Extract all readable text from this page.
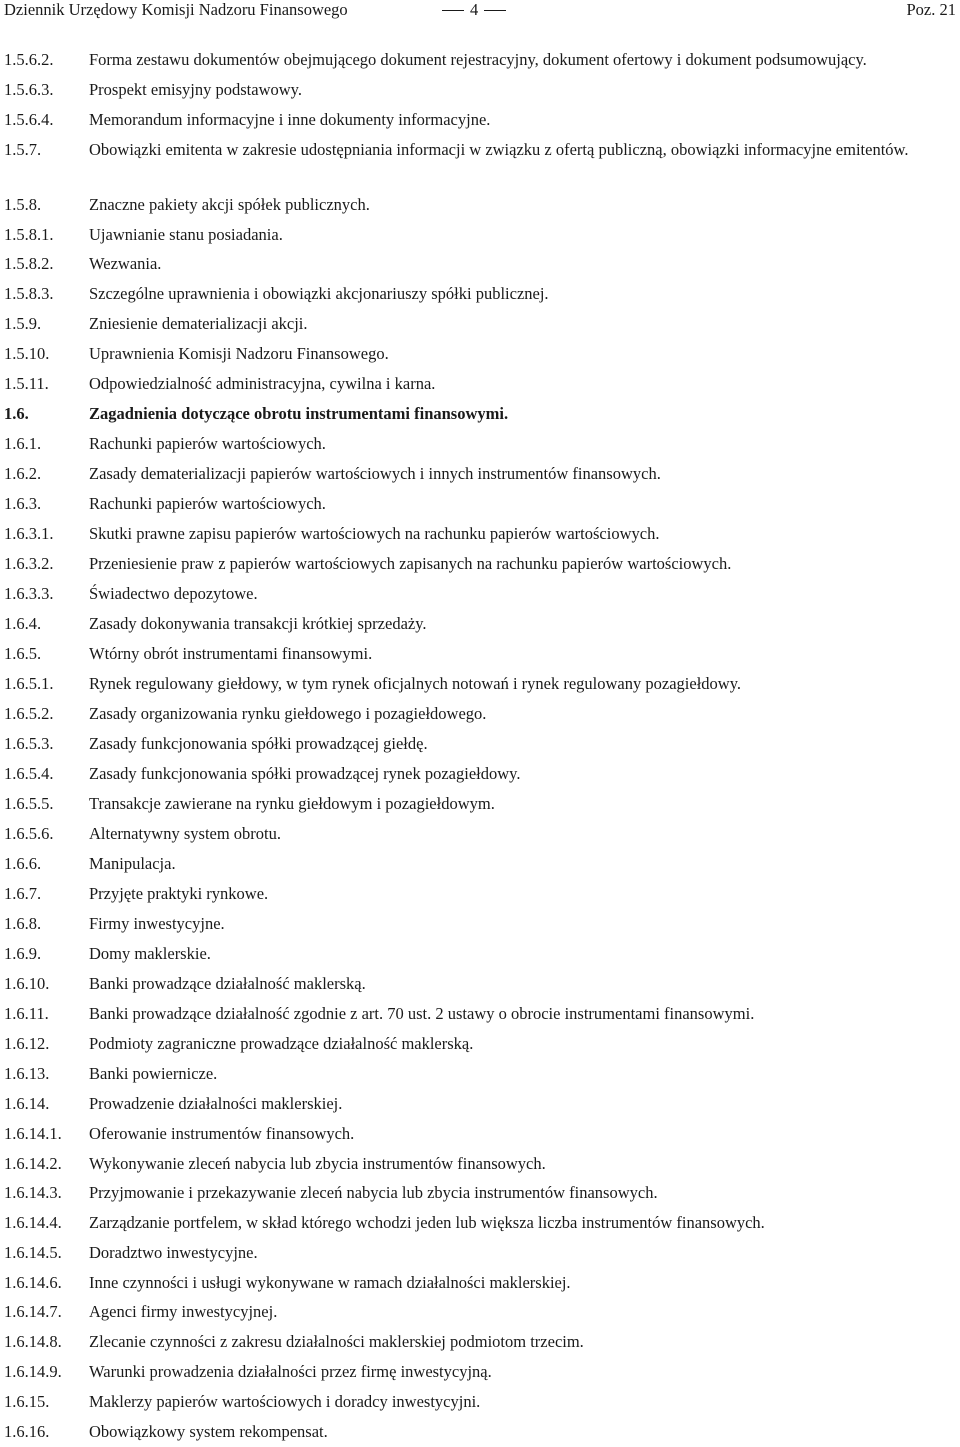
Dziennik Urzędowy Komisji Nadzoru Finansowego	4	Poz. 21
1.5.6.2. Forma zestawu dokumentów obejmującego dokument rejestracyjny, dokument ofertowy i dokument podsumowujący.
1.5.6.3. Prospekt emisyjny podstawowy.
1.5.6.4. Memorandum informacyjne i inne dokumenty informacyjne.
1.5.7.	Obowiązki emitenta w zakresie udostępniania informacji w związku z ofertą publiczną, obowiązki informacyjne emitentów.
1.5.8.	Znaczne pakiety akcji spółek publicznych.
1.5.8.1. Ujawnianie stanu posiadania.
1.5.8.2. Wezwania.
1.5.8.3. Szczególne uprawnienia i obowiązki akcjonariuszy spółki publicznej.
1.5.9.	Zniesienie dematerializacji akcji.
1.5.10. Uprawnienia Komisji Nadzoru Finansowego.
1.5.11. Odpowiedzialność administracyjna, cywilna i karna.
1.6.	Zagadnienia dotyczące obrotu instrumentami finansowymi.
1.6.1.	Rachunki papierów wartościowych.
1.6.2.	Zasady dematerializacji papierów wartościowych i innych instrumentów finansowych.
1.6.3.	Rachunki papierów wartościowych.
1.6.3.1. Skutki prawne zapisu papierów wartościowych na rachunku papierów wartościowych.
1.6.3.2. Przeniesienie praw z papierów wartościowych zapisanych na rachunku papierów wartościowych.
1.6.3.3. Świadectwo depozytowe.
1.6.4.	Zasady dokonywania transakcji krótkiej sprzedaży.
1.6.5.	Wtórny obrót instrumentami finansowymi.
1.6.5.1. Rynek regulowany giełdowy, w tym rynek oficjalnych notowań i rynek regulowany pozagiełdowy.
1.6.5.2. Zasady organizowania rynku giełdowego i pozagiełdowego.
1.6.5.3. Zasady funkcjonowania spółki prowadzącej giełdę.
1.6.5.4. Zasady funkcjonowania spółki prowadzącej rynek pozagiełdowy.
1.6.5.5. Transakcje zawierane na rynku giełdowym i pozagiełdowym.
1.6.5.6. Alternatywny system obrotu.
1.6.6.	Manipulacja.
1.6.7.	Przyjęte praktyki rynkowe.
1.6.8.	Firmy inwestycyjne.
1.6.9.	Domy maklerskie.
1.6.10. Banki prowadzące działalność maklerską.
1.6.11. Banki prowadzące działalność zgodnie z art. 70 ust. 2 ustawy o obrocie instrumentami finansowymi.
1.6.12. Podmioty zagraniczne prowadzące działalność maklerską.
1.6.13. Banki powiernicze.
1.6.14. Prowadzenie działalności maklerskiej.
1.6.14.1. Oferowanie instrumentów finansowych.
1.6.14.2. Wykonywanie zleceń nabycia lub zbycia instrumentów finansowych.
1.6.14.3. Przyjmowanie i przekazywanie zleceń nabycia lub zbycia instrumentów finansowych.
1.6.14.4. Zarządzanie portfelem, w skład którego wchodzi jeden lub większa liczba instrumentów finansowych.
1.6.14.5. Doradztwo inwestycyjne.
1.6.14.6. Inne czynności i usługi wykonywane w ramach działalności maklerskiej.
1.6.14.7. Agenci firmy inwestycyjnej.
1.6.14.8. Zlecanie czynności z zakresu działalności maklerskiej podmiotom trzecim.
1.6.14.9. Warunki prowadzenia działalności przez firmę inwestycyjną.
1.6.15. Maklerzy papierów wartościowych i doradcy inwestycyjni.
1.6.16. Obowiązkowy system rekompensat.
